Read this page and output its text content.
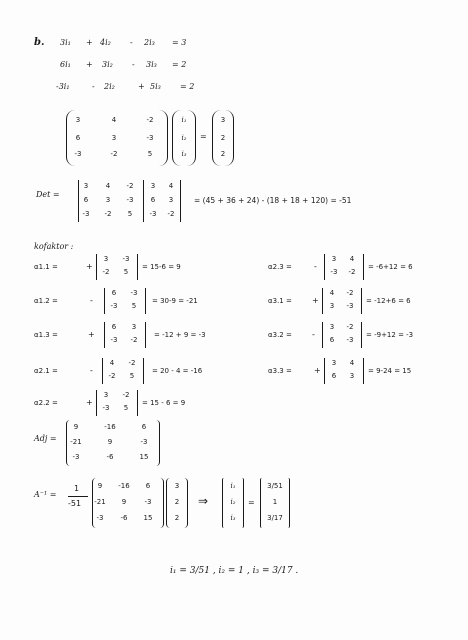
b. 3i₁ + 4i₂ - 2i₃ = 3
6i₁ + 3i₂ - 3i₃ = 2
-3i₁	- 2i₂	+ 5i₃ = 2
3	4	-2
6	3	-3
-3	-2	5
i₁
i₂
i₃
=
3
2
2
Det =
3	4	-2
6	3	-3
-3	-2	5
3	4
6	3
-3	-2
= (45 + 36 + 24) - (18 + 18 + 120) = -51
kofaktor :
α1.1 =	+
3	-3
-2	5
= 15-6 = 9
α1.2 =	-
6	-3
-3	5
= 30-9 = -21
α1.3 =	+
6	3
-3	-2
= -12 + 9 = -3
α2.1 =	-
4	-2
-2	5
= 20 - 4 = -16
α2.2 =	+
3	-2
-3	5
= 15 - 6 = 9
α2.3 =	-
3	4
-3	-2
= -6+12 = 6
α3.1 =	+
4	-2
3	-3
= -12+6 = 6
α3.2 =	-
3	-2
6	-3
= -9+12 = -3
α3.3 =	+
3	4
6	3
= 9-24 = 15
Adj =
9	-16	6
-21	9	-3
-3	-6	15
A⁻¹ =
1
-51
9	-16	6
-21	9	-3
-3	-6	15
3
2
2
⇒
i₁
i₂
i₃
=
3/51
1
3/17
i₁ = 3/51 , i₂ = 1 , i₃ = 3/17 .
